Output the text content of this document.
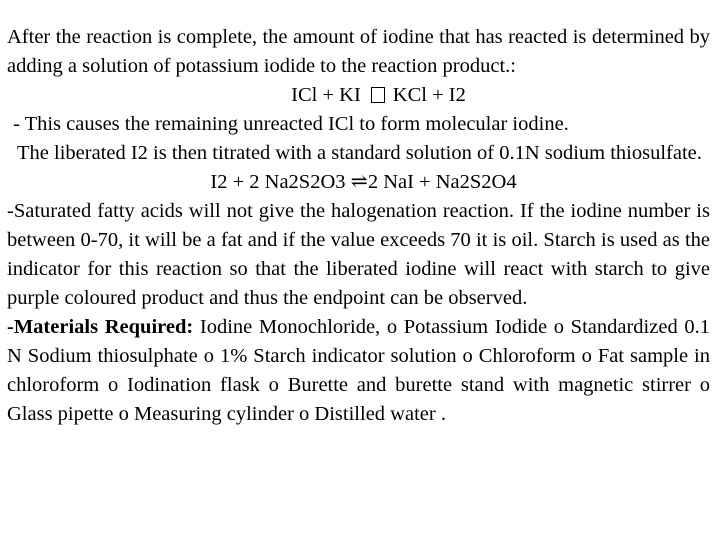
After the reaction is complete, the amount of iodine that has reacted is determined by adding a solution of potassium iodide to the reaction product.:

ICl + KI KCl + I2

- This causes the remaining unreacted ICl to form molecular iodine.

The liberated I2 is then titrated with a standard solution of 0.1N sodium thiosulfate.

I2 + 2 Na2S2O3 ⇌2 NaI + Na2S2O4

-Saturated fatty acids will not give the halogenation reaction. If the iodine number is between 0-70, it will be a fat and if the value exceeds 70 it is oil. Starch is used as the indicator for this reaction so that the liberated iodine will react with starch to give purple coloured product and thus the endpoint can be observed.

-Materials Required: Iodine Monochloride, o Potassium Iodide o Standardized 0.1 N Sodium thiosulphate o 1% Starch indicator solution o Chloroform o Fat sample in chloroform o Iodination flask o Burette and burette stand with magnetic stirrer o Glass pipette o Measuring cylinder o Distilled water .
